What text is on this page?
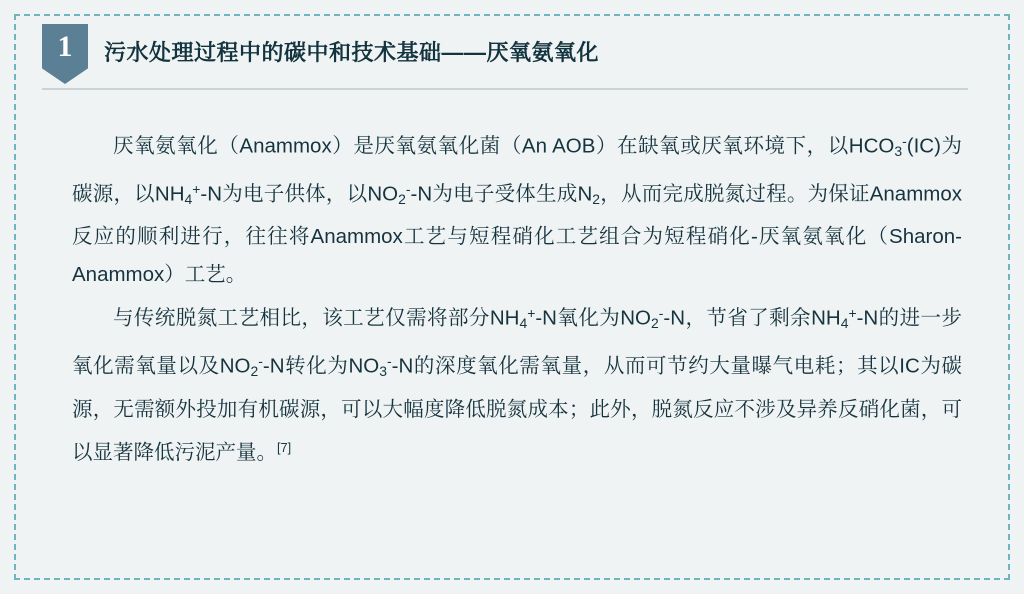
1	污水处理过程中的碳中和技术基础——厌氧氨氧化

厌氧氨氧化（Anammox）是厌氧氨氧化菌（An AOB）在缺氧或厌氧环境下，以$HCO_3^-(IC)$为碳源，以$NH_4^+-N$为电子供体，以$NO_2^--N$为电子受体生成$N_2$，从而完成脱氮过程。为保证Anammox反应的顺利进行，往往将Anammox工艺与短程硝化工艺组合为短程硝化-厌氧氨氧化（Sharon-Anammox）工艺。

与传统脱氮工艺相比，该工艺仅需将部分$NH_4^+-N$氧化为$NO_2^--N$，节省了剩余$NH_4^+-N$的进一步氧化需氧量以及$NO_2^--N$转化为$NO_3^--N$的深度氧化需氧量，从而可节约大量曝气电耗；其以IC为碳源，无需额外投加有机碳源，可以大幅度降低脱氮成本；此外，脱氮反应不涉及异养反硝化菌，可以显著降低污泥产量。[7]
